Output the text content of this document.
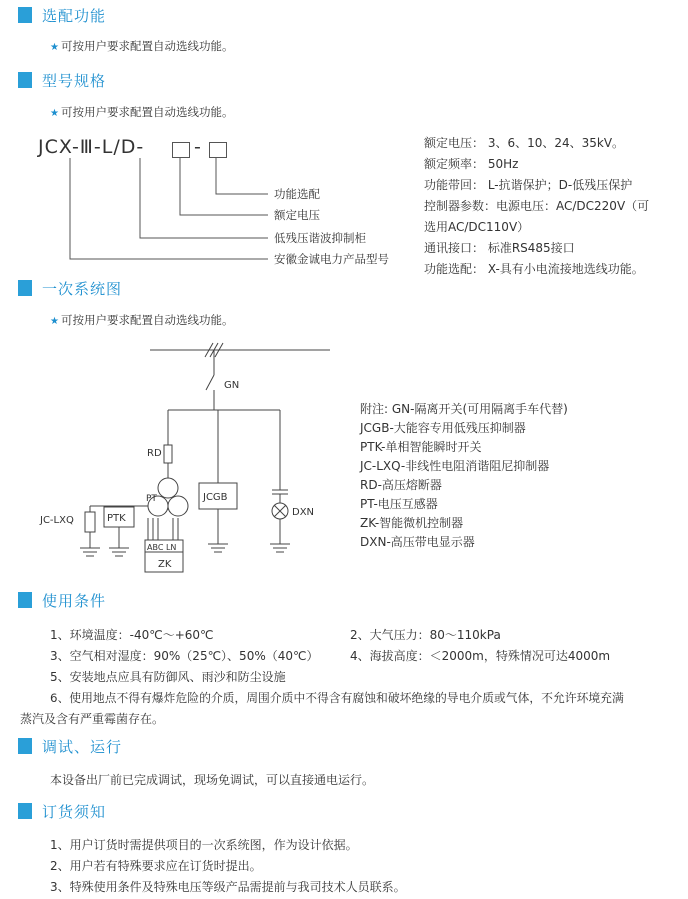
选配功能
★ 可按用户要求配置自动选线功能。
型号规格
★ 可按用户要求配置自动选线功能。
JCX-Ⅲ-L/D-	-
功能选配
额定电压
低残压谐波抑制柜
安徽金诚电力产品型号
额定电压： 3、6、10、24、35kV。
额定频率： 50Hz
功能带回： L-抗谐保护；D-低残压保护
控制器参数：电源电压：AC/DC220V（可
选用AC/DC110V）
通讯接口： 标准RS485接口
功能选配： X-具有小电流接地选线功能。
一次系统图
★ 可按用户要求配置自动选线功能。
GN
RD
PT
JC-LXQ	PTK
JCGB
DXN
ABC LN
ZK
附注: GN-隔离开关(可用隔离手车代替)
JCGB-大能容专用低残压抑制器
PTK-单相智能瞬时开关
JC-LXQ-非线性电阻消谐阻尼抑制器
RD-高压熔断器
PT-电压互感器
ZK-智能微机控制器
DXN-高压带电显示器
使用条件
1、环境温度：-40℃～+60℃	2、大气压力：80～110kPa
3、空气相对湿度：90%（25℃）、50%（40℃）	4、海拔高度：＜2000m，特殊情况可达4000m
5、安装地点应具有防御风、雨沙和防尘设施
6、使用地点不得有爆炸危险的介质，周围介质中不得含有腐蚀和破坏绝缘的导电介质或气体，不允许环境充满
蒸汽及含有严重霉菌存在。
调试、运行
本设备出厂前已完成调试，现场免调试，可以直接通电运行。
订货须知
1、用户订货时需提供项目的一次系统图，作为设计依据。
2、用户若有特殊要求应在订货时提出。
3、特殊使用条件及特殊电压等级产品需提前与我司技术人员联系。
